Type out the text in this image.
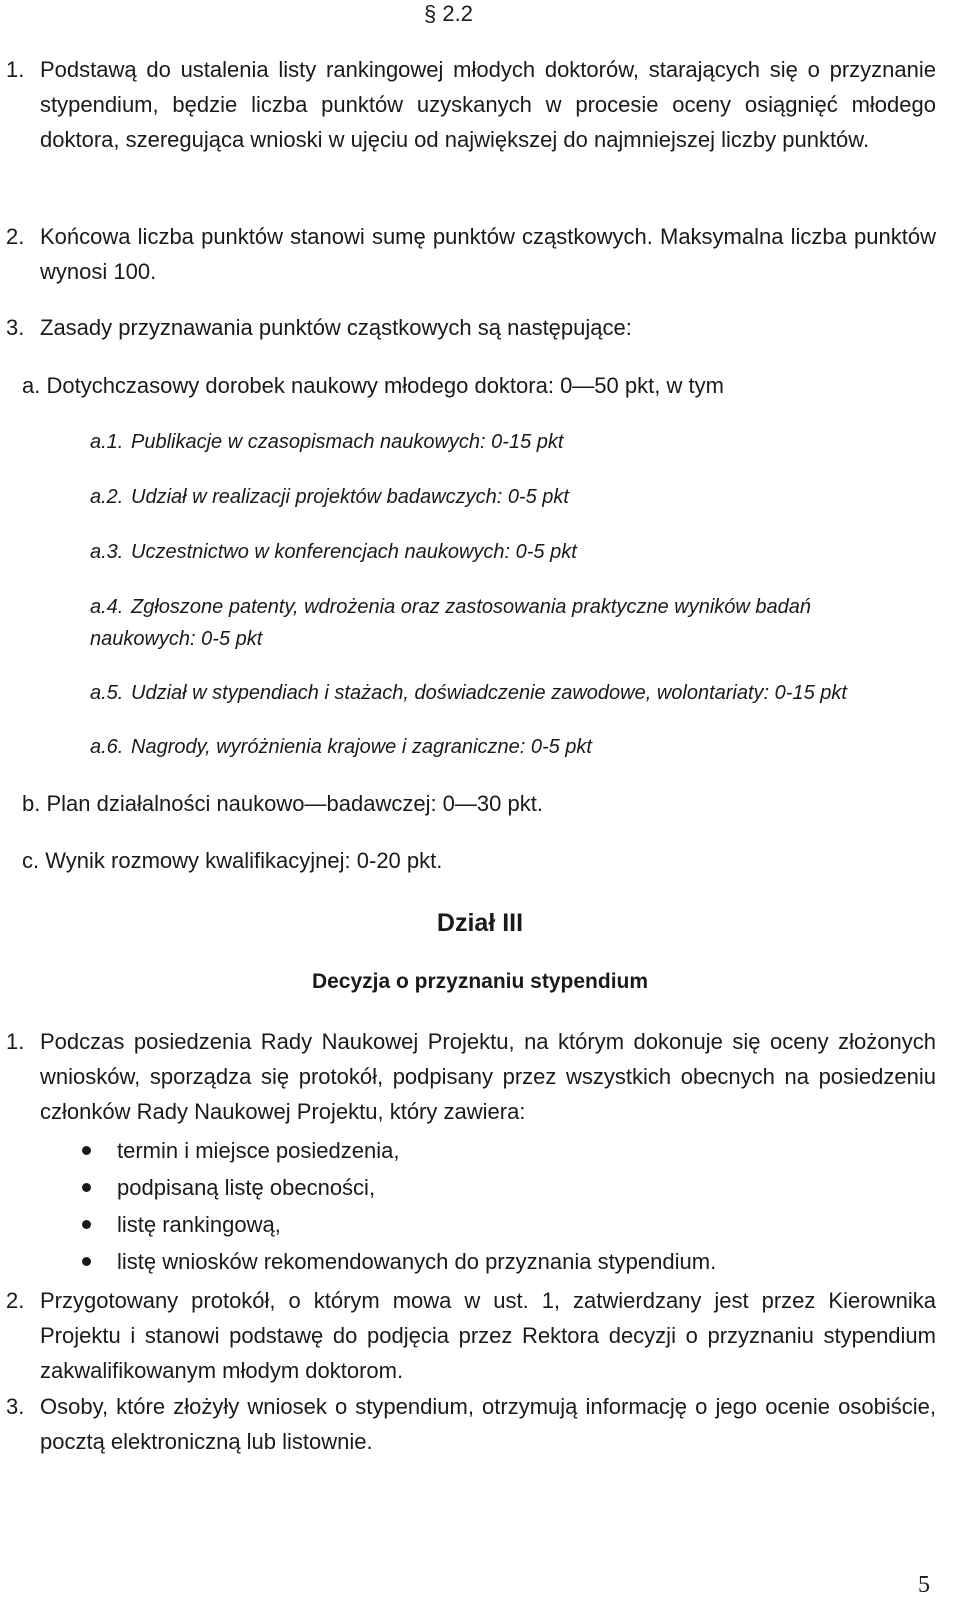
§ 2.2
1. Podstawą do ustalenia listy rankingowej młodych doktorów, starających się o przyznanie stypendium, będzie liczba punktów uzyskanych w procesie oceny osiągnięć młodego doktora, szeregująca wnioski w ujęciu od największej do najmniejszej liczby punktów.
2. Końcowa liczba punktów stanowi sumę punktów cząstkowych. Maksymalna liczba punktów wynosi 100.
3. Zasady przyznawania punktów cząstkowych są następujące:
a. Dotychczasowy dorobek naukowy młodego doktora: 0—50 pkt, w tym
a.1. Publikacje w czasopismach naukowych: 0-15 pkt
a.2. Udział w realizacji projektów badawczych: 0-5 pkt
a.3. Uczestnictwo w konferencjach naukowych: 0-5 pkt
a.4. Zgłoszone patenty, wdrożenia oraz zastosowania praktyczne wyników badań
naukowych: 0-5 pkt
a.5. Udział w stypendiach i stażach, doświadczenie zawodowe, wolontariaty: 0-15 pkt
a.6. Nagrody, wyróżnienia krajowe i zagraniczne: 0-5 pkt
b. Plan działalności naukowo—badawczej: 0—30 pkt.
c. Wynik rozmowy kwalifikacyjnej: 0-20 pkt.
Dział III
Decyzja o przyznaniu stypendium
1. Podczas posiedzenia Rady Naukowej Projektu, na którym dokonuje się oceny złożonych wniosków, sporządza się protokół, podpisany przez wszystkich obecnych na posiedzeniu członków Rady Naukowej Projektu, który zawiera:
termin i miejsce posiedzenia,
podpisaną listę obecności,
listę rankingową,
listę wniosków rekomendowanych do przyznania stypendium.
2. Przygotowany protokół, o którym mowa w ust. 1, zatwierdzany jest przez Kierownika Projektu i stanowi podstawę do podjęcia przez Rektora decyzji o przyznaniu stypendium zakwalifikowanym młodym doktorom.
3. Osoby, które złożyły wniosek o stypendium, otrzymują informację o jego ocenie osobiście, pocztą elektroniczną lub listownie.
5
